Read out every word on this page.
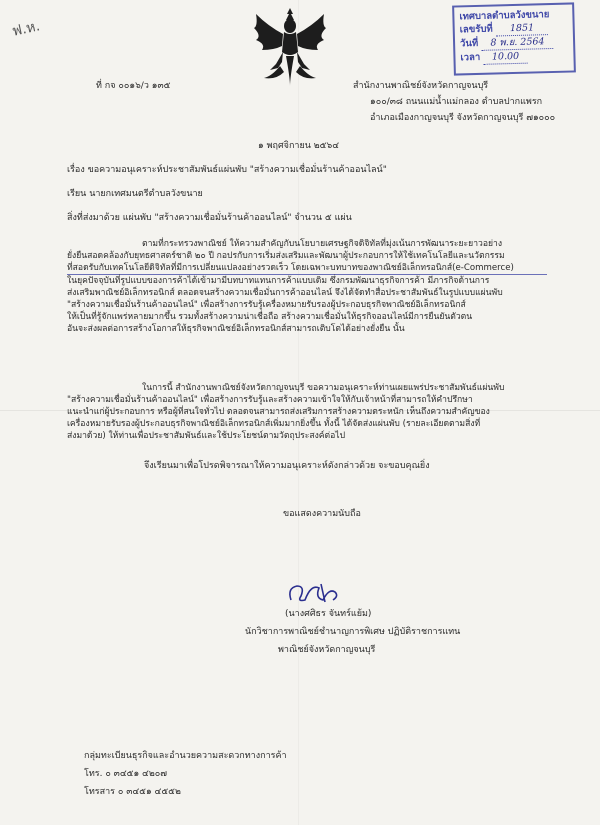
ฟ.ห.
เทศบาลตำบลวังขนาย
เลขรับที่ 1851
วันที่ 8 พ.ย. 2564
เวลา 10.00
ที่ กจ ๐๐๑๖/ว ๑๓๕	สำนักงานพาณิชย์จังหวัดกาญจนบุรี
๑๐๐/๓๘ ถนนแม่น้ำแม่กลอง ตำบลปากแพรก
อำเภอเมืองกาญจนบุรี จังหวัดกาญจนบุรี ๗๑๐๐๐
๑ พฤศจิกายน ๒๕๖๔
เรื่อง ขอความอนุเคราะห์ประชาสัมพันธ์แผ่นพับ "สร้างความเชื่อมั่นร้านค้าออนไลน์"
เรียน นายกเทศมนตรีตำบลวังขนาย
สิ่งที่ส่งมาด้วย แผ่นพับ "สร้างความเชื่อมั่นร้านค้าออนไลน์" จำนวน ๕ แผ่น
ตามที่กระทรวงพาณิชย์ ให้ความสำคัญกับนโยบายเศรษฐกิจดิจิทัลที่มุ่งเน้นการพัฒนาระยะยาวอย่าง
ยั่งยืนสอดคล้องกับยุทธศาสตร์ชาติ ๒๐ ปี กอปรกับการเริ่มส่งเสริมและพัฒนาผู้ประกอบการให้ใช้เทคโนโลยีและนวัตกรรม
ที่สอดรับกับเทคโนโลยีดิจิทัลที่มีการเปลี่ยนแปลงอย่างรวดเร็ว โดยเฉพาะบทบาทของพาณิชย์อิเล็กทรอนิกส์(e-Commerce)
ในยุคปัจจุบันที่รูปแบบของการค้าได้เข้ามามีบทบาทแทนการค้าแบบเดิม ซึ่งกรมพัฒนาธุรกิจการค้า มีภารกิจด้านการ
ส่งเสริมพาณิชย์อิเล็กทรอนิกส์ ตลอดจนสร้างความเชื่อมั่นการค้าออนไลน์ จึงได้จัดทำสื่อประชาสัมพันธ์ในรูปแบบแผ่นพับ
"สร้างความเชื่อมั่นร้านค้าออนไลน์" เพื่อสร้างการรับรู้เครื่องหมายรับรองผู้ประกอบธุรกิจพาณิชย์อิเล็กทรอนิกส์
ให้เป็นที่รู้จักแพร่หลายมากขึ้น รวมทั้งสร้างความน่าเชื่อถือ สร้างความเชื่อมั่นให้ธุรกิจออนไลน์มีการยืนยันตัวตน
อันจะส่งผลต่อการสร้างโอกาสให้ธุรกิจพาณิชย์อิเล็กทรอนิกส์สามารถเติบโตได้อย่างยั่งยืน นั้น
ในการนี้ สำนักงานพาณิชย์จังหวัดกาญจนบุรี ขอความอนุเคราะห์ท่านเผยแพร่ประชาสัมพันธ์แผ่นพับ
"สร้างความเชื่อมั่นร้านค้าออนไลน์" เพื่อสร้างการรับรู้และสร้างความเข้าใจให้กับเจ้าหน้าที่สามารถให้คำปรึกษา
แนะนำแก่ผู้ประกอบการ หรือผู้ที่สนใจทั่วไป ตลอดจนสามารถส่งเสริมการสร้างความตระหนัก เห็นถึงความสำคัญของ
เครื่องหมายรับรองผู้ประกอบธุรกิจพาณิชย์อิเล็กทรอนิกส์เพิ่มมากยิ่งขึ้น ทั้งนี้ ได้จัดส่งแผ่นพับ (รายละเอียดตามสิ่งที่
ส่งมาด้วย) ให้ท่านเพื่อประชาสัมพันธ์และใช้ประโยชน์ตามวัตถุประสงค์ต่อไป
จึงเรียนมาเพื่อโปรดพิจารณาให้ความอนุเคราะห์ดังกล่าวด้วย จะขอบคุณยิ่ง
ขอแสดงความนับถือ
(นางศศิธร จันทร์แย้ม)
นักวิชาการพาณิชย์ชำนาญการพิเศษ ปฏิบัติราชการแทน
พาณิชย์จังหวัดกาญจนบุรี
กลุ่มทะเบียนธุรกิจและอำนวยความสะดวกทางการค้า
โทร. ๐ ๓๔๕๑ ๔๒๐๗
โทรสาร ๐ ๓๔๕๑ ๔๕๕๒
